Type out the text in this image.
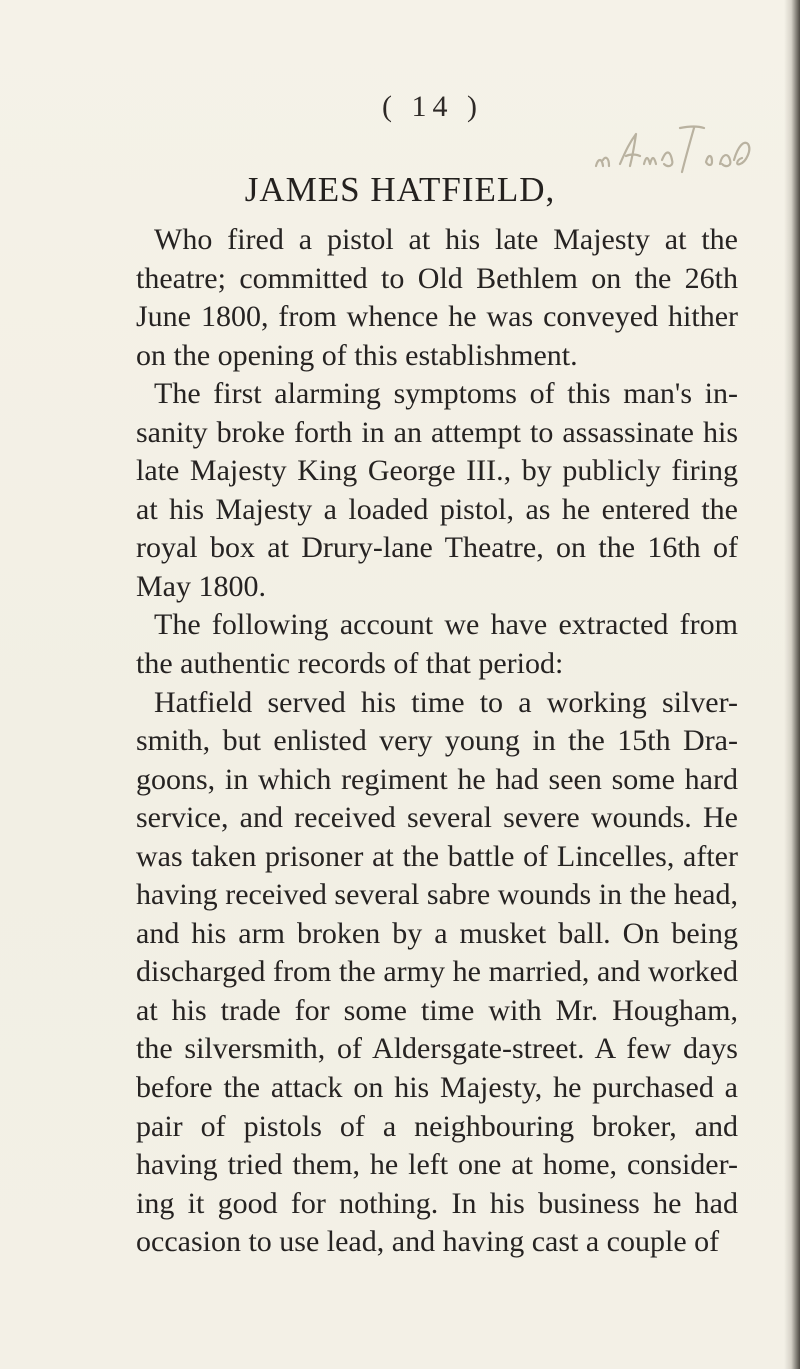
( 14 )
JAMES HATFIELD,
Who fired a pistol at his late Majesty at the
theatre; committed to Old Bethlem on the 26th
June 1800, from whence he was conveyed hither
on the opening of this establishment.
The first alarming symptoms of this man's in-
sanity broke forth in an attempt to assassinate his
late Majesty King George III., by publicly firing
at his Majesty a loaded pistol, as he entered the
royal box at Drury-lane Theatre, on the 16th of
May 1800.
The following account we have extracted from
the authentic records of that period:
Hatfield served his time to a working silver-
smith, but enlisted very young in the 15th Dra-
goons, in which regiment he had seen some hard
service, and received several severe wounds. He
was taken prisoner at the battle of Lincelles, after
having received several sabre wounds in the head,
and his arm broken by a musket ball. On being
discharged from the army he married, and worked
at his trade for some time with Mr. Hougham,
the silversmith, of Aldersgate-street. A few days
before the attack on his Majesty, he purchased a
pair of pistols of a neighbouring broker, and
having tried them, he left one at home, consider-
ing it good for nothing. In his business he had
occasion to use lead, and having cast a couple of
